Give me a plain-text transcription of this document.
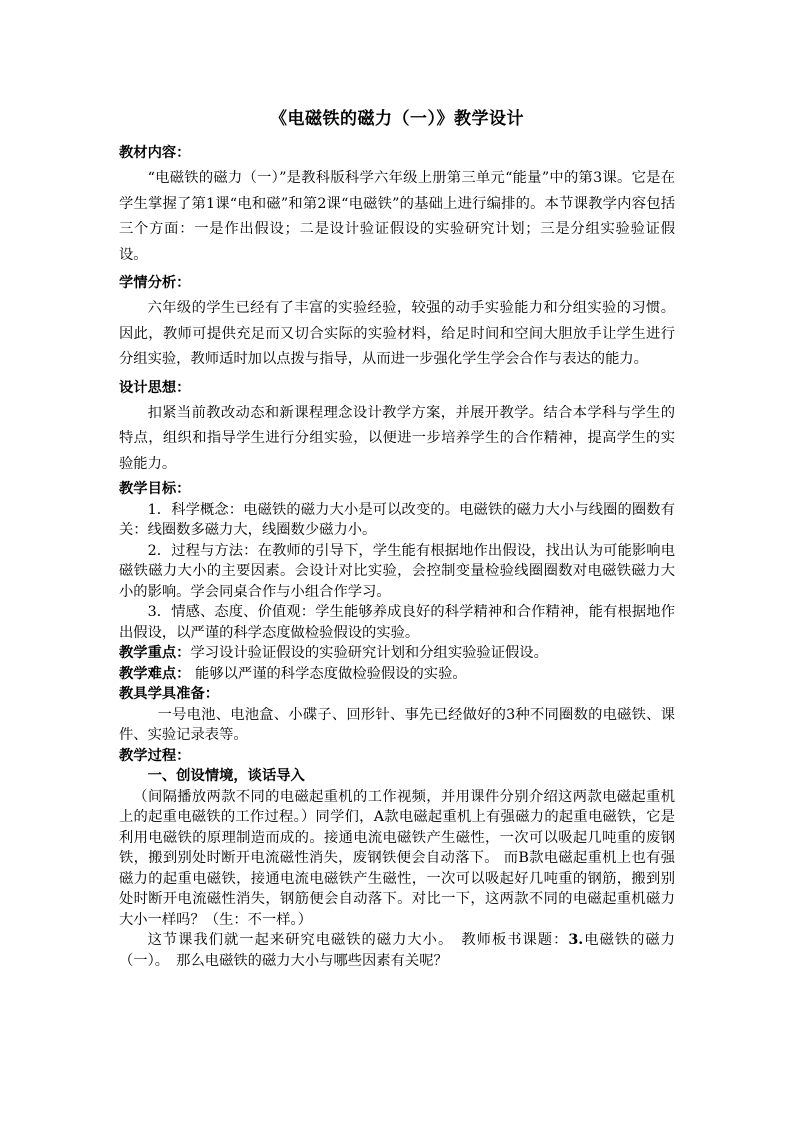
《电磁铁的磁力（一）》教学设计

教材内容：

“电磁铁的磁力（一）”是教科版科学六年级上册第三单元“能量”中的第3课。它是在学生掌握了第1课“电和磁”和第2课“电磁铁”的基础上进行编排的。本节课教学内容包括三个方面：一是作出假设；二是设计验证假设的实验研究计划；三是分组实验验证假设。

学情分析：

六年级的学生已经有了丰富的实验经验，较强的动手实验能力和分组实验的习惯。因此，教师可提供充足而又切合实际的实验材料，给足时间和空间大胆放手让学生进行分组实验，教师适时加以点拨与指导，从而进一步强化学生学会合作与表达的能力。

设计思想：

扣紧当前教改动态和新课程理念设计教学方案，并展开教学。结合本学科与学生的特点，组织和指导学生进行分组实验，以便进一步培养学生的合作精神，提高学生的实验能力。

教学目标：

1．科学概念：电磁铁的磁力大小是可以改变的。电磁铁的磁力大小与线圈的圈数有关：线圈数多磁力大，线圈数少磁力小。

2．过程与方法：在教师的引导下，学生能有根据地作出假设，找出认为可能影响电磁铁磁力大小的主要因素。会设计对比实验，会控制变量检验线圈圈数对电磁铁磁力大小的影响。学会同桌合作与小组合作学习。

3．情感、态度、价值观：学生能够养成良好的科学精神和合作精神，能有根据地作出假设，以严谨的科学态度做检验假设的实验。

教学重点：学习设计验证假设的实验研究计划和分组实验验证假设。

教学难点： 能够以严谨的科学态度做检验假设的实验。

教具学具准备：

一号电池、电池盒、小碟子、回形针、事先已经做好的3种不同圈数的电磁铁、课件、实验记录表等。

教学过程：

一、创设情境，谈话导入

（间隔播放两款不同的电磁起重机的工作视频，并用课件分别介绍这两款电磁起重机上的起重电磁铁的工作过程。）同学们，A款电磁起重机上有强磁力的起重电磁铁，它是利用电磁铁的原理制造而成的。接通电流电磁铁产生磁性，一次可以吸起几吨重的废钢铁，搬到别处时断开电流磁性消失，废钢铁便会自动落下。 而B款电磁起重机上也有强磁力的起重电磁铁，接通电流电磁铁产生磁性，一次可以吸起好几吨重的钢筋，搬到别处时断开电流磁性消失，钢筋便会自动落下。对比一下，这两款不同的电磁起重机磁力大小一样吗？（生：不一样。）

这节课我们就一起来研究电磁铁的磁力大小。　教师板书课题：3.电磁铁的磁力（一）。　那么电磁铁的磁力大小与哪些因素有关呢？
